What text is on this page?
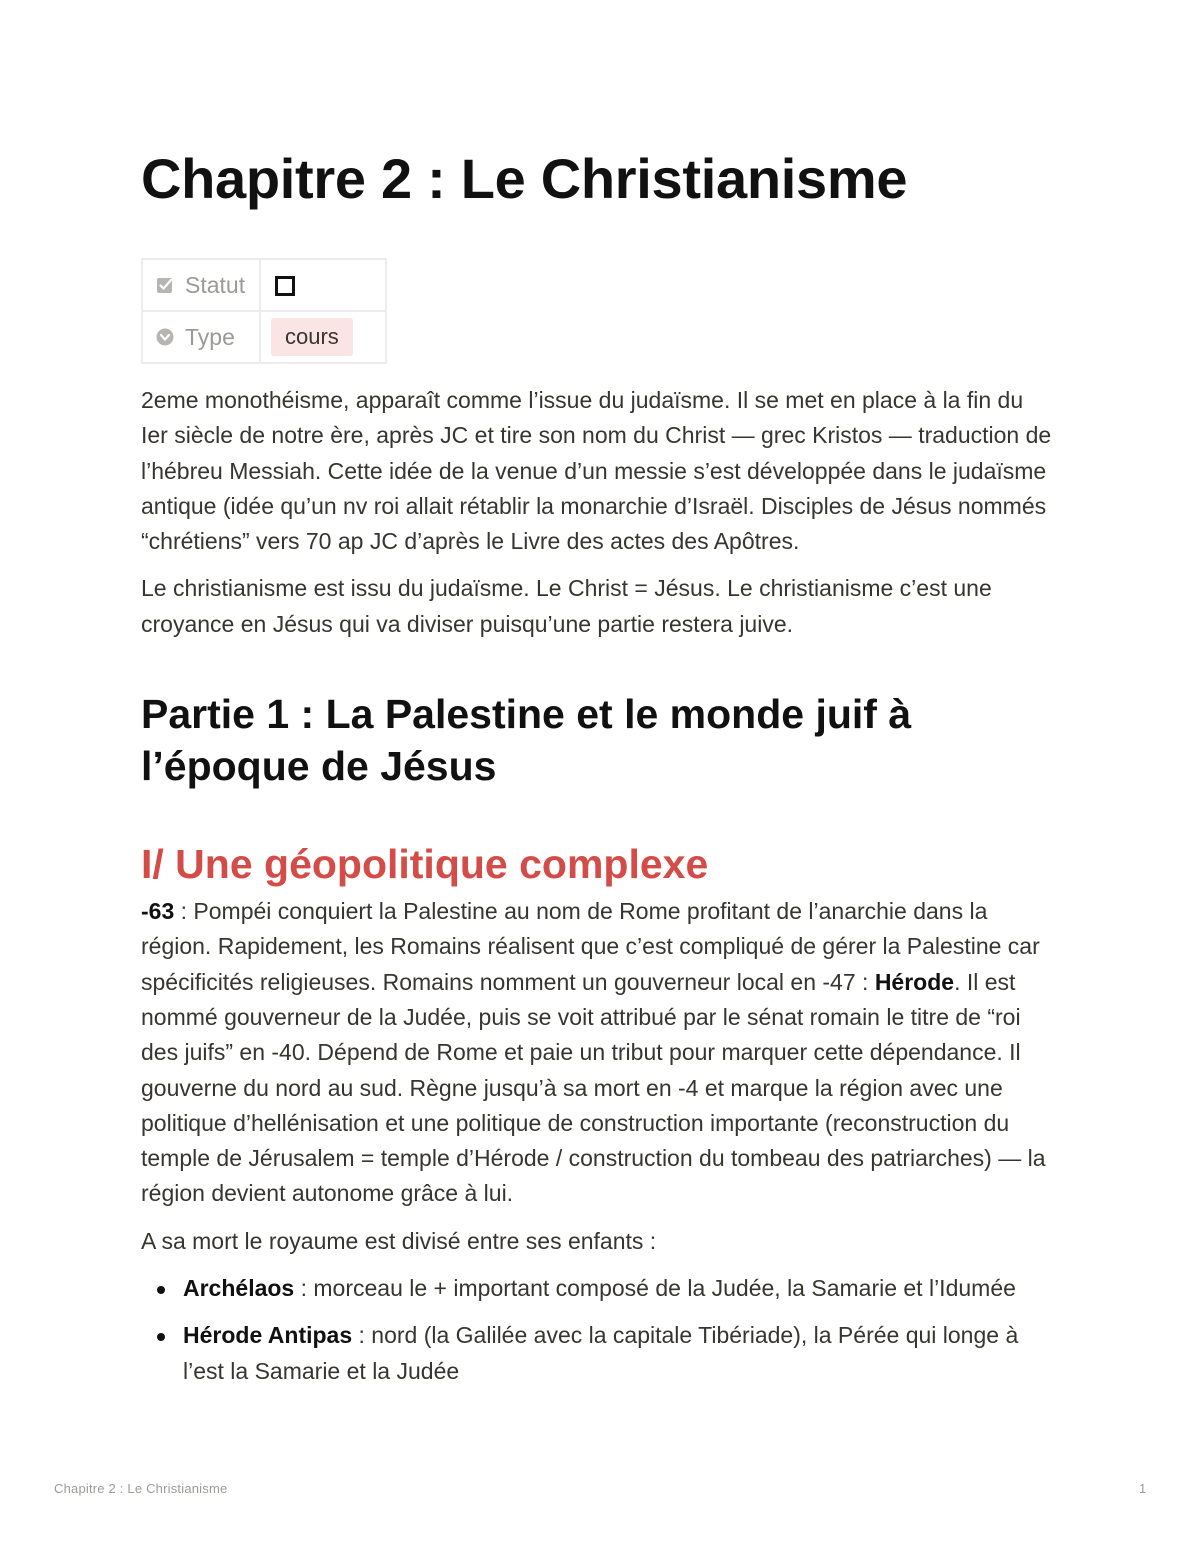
Chapitre 2 : Le Christianisme
Statut	

Type	cours

2eme monothéisme, apparaît comme l’issue du judaïsme. Il se met en place à la fin du Ier siècle de notre ère, après JC et tire son nom du Christ — grec Kristos — traduction de l’hébreu Messiah. Cette idée de la venue d’un messie s’est développée dans le judaïsme antique (idée qu’un nv roi allait rétablir la monarchie d’Israël. Disciples de Jésus nommés “chrétiens” vers 70 ap JC d’après le Livre des actes des Apôtres.

Le christianisme est issu du judaïsme. Le Christ = Jésus. Le christianisme c’est une croyance en Jésus qui va diviser puisqu’une partie restera juive.

Partie 1 : La Palestine et le monde juif à l’époque de Jésus
I/ Une géopolitique complexe

-63 : Pompéi conquiert la Palestine au nom de Rome profitant de l’anarchie dans la région. Rapidement, les Romains réalisent que c’est compliqué de gérer la Palestine car spécificités religieuses. Romains nomment un gouverneur local en -47 : Hérode. Il est nommé gouverneur de la Judée, puis se voit attribué par le sénat romain le titre de “roi des juifs” en -40. Dépend de Rome et paie un tribut pour marquer cette dépendance. Il gouverne du nord au sud. Règne jusqu’à sa mort en -4 et marque la région avec une politique d’hellénisation et une politique de construction importante (reconstruction du temple de Jérusalem = temple d’Hérode / construction du tombeau des patriarches) — la région devient autonome grâce à lui.

A sa mort le royaume est divisé entre ses enfants :

Archélaos : morceau le + important composé de la Judée, la Samarie et l’Idumée
Hérode Antipas : nord (la Galilée avec la capitale Tibériade), la Pérée qui longe à l’est la Samarie et la Judée
Chapitre 2 : Le Christianisme	1
